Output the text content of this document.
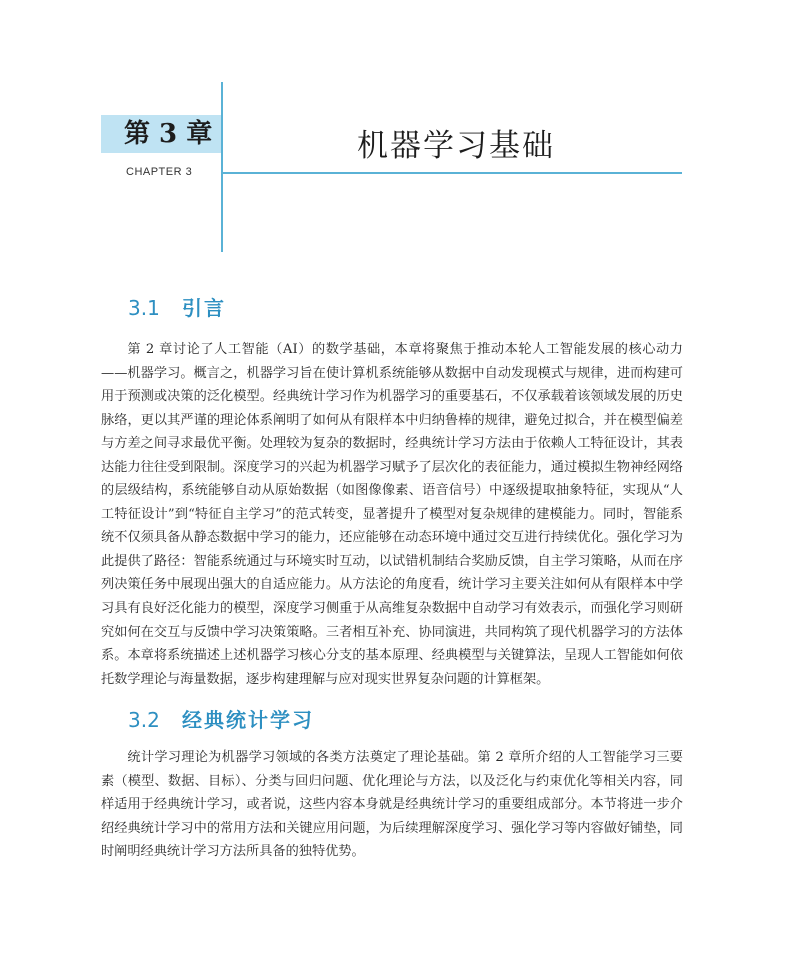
第 3 章
CHAPTER 3
机器学习基础
3.1 引言

第 2 章讨论了人工智能（AI）的数学基础，本章将聚焦于推动本轮人工智能发展的核心动力——机器学习。概言之，机器学习旨在使计算机系统能够从数据中自动发现模式与规律，进而构建可用于预测或决策的泛化模型。经典统计学习作为机器学习的重要基石，不仅承载着该领域发展的历史脉络，更以其严谨的理论体系阐明了如何从有限样本中归纳鲁棒的规律，避免过拟合，并在模型偏差与方差之间寻求最优平衡。处理较为复杂的数据时，经典统计学习方法由于依赖人工特征设计，其表达能力往往受到限制。深度学习的兴起为机器学习赋予了层次化的表征能力，通过模拟生物神经网络的层级结构，系统能够自动从原始数据（如图像像素、语音信号）中逐级提取抽象特征，实现从“人工特征设计”到“特征自主学习”的范式转变，显著提升了模型对复杂规律的建模能力。同时，智能系统不仅须具备从静态数据中学习的能力，还应能够在动态环境中通过交互进行持续优化。强化学习为此提供了路径：智能系统通过与环境实时互动，以试错机制结合奖励反馈，自主学习策略，从而在序列决策任务中展现出强大的自适应能力。从方法论的角度看，统计学习主要关注如何从有限样本中学习具有良好泛化能力的模型，深度学习侧重于从高维复杂数据中自动学习有效表示，而强化学习则研究如何在交互与反馈中学习决策策略。三者相互补充、协同演进，共同构筑了现代机器学习的方法体系。本章将系统描述上述机器学习核心分支的基本原理、经典模型与关键算法，呈现人工智能如何依托数学理论与海量数据，逐步构建理解与应对现实世界复杂问题的计算框架。

3.2 经典统计学习

统计学习理论为机器学习领域的各类方法奠定了理论基础。第 2 章所介绍的人工智能学习三要素（模型、数据、目标）、分类与回归问题、优化理论与方法，以及泛化与约束优化等相关内容，同样适用于经典统计学习，或者说，这些内容本身就是经典统计学习的重要组成部分。本节将进一步介绍经典统计学习中的常用方法和关键应用问题，为后续理解深度学习、强化学习等内容做好铺垫，同时阐明经典统计学习方法所具备的独特优势。
